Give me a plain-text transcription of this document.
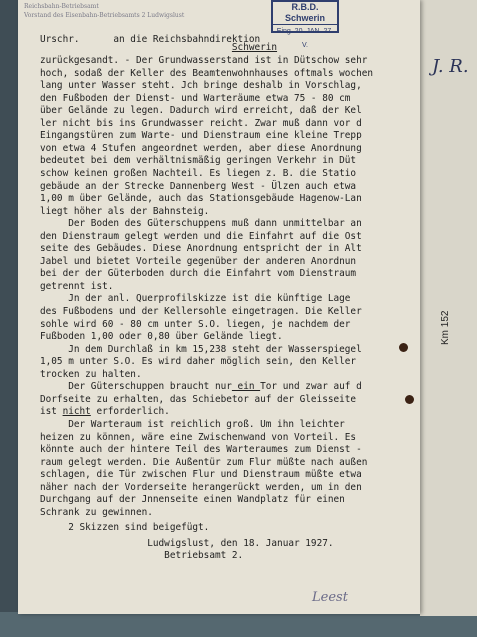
Reichsbahn-Betriebsamt
Vorstand des Eisenbahn-Betriebsamts 2 Ludwigslust
R.B.D. Schwerin
Eing. 20. JAN. 27. V.
Urschr.      an die Reichsbahndirektion
Schwerin
zurückgesandt. - Der Grundwasserstand ist in Dütschow sehr
hoch, sodaß der Keller des Beamtenwohnhauses oftmals wochen
lang unter Wasser steht. Jch bringe deshalb in Vorschlag,
den Fußboden der Dienst- und Warteräume etwa 75 - 80 cm
über Gelände zu legen. Dadurch wird erreicht, daß der Kel
ler nicht bis ins Grundwasser reicht. Zwar muß dann vor d
Eingangstüren zum Warte- und Dienstraum eine kleine Trepp
von etwa 4 Stufen angeordnet werden, aber diese Anordnung
bedeutet bei dem verhältnismäßig geringen Verkehr in Düt
schow keinen großen Nachteil. Es liegen z. B. die Statio
gebäude an der Strecke Dannenberg West - Ülzen auch etwa
1,00 m über Gelände, auch das Stationsgebäude Hagenow-Lan
liegt höher als der Bahnsteig.
Der Boden des Güterschuppens muß dann unmittelbar an
den Dienstraum gelegt werden und die Einfahrt auf die Ost
seite des Gebäudes. Diese Anordnung entspricht der in Alt
Jabel und bietet Vorteile gegenüber der anderen Anordnun
bei der der Güterboden durch die Einfahrt vom Dienstraum
getrennt ist.
Jn der anl. Querprofilskizze ist die künftige Lage
des Fußbodens und der Kellersohle eingetragen. Die Keller
sohle wird 60 - 80 cm unter S.O. liegen, je nachdem der
Fußboden 1,00 oder 0,80 über Gelände liegt.
Jn dem Durchlaß in km 15,238 steht der Wasserspiegel
1,05 m unter S.O. Es wird daher möglich sein, den Keller
trocken zu halten.
Der Güterschuppen braucht nur ein Tor und zwar auf d
Dorfseite zu erhalten, das Schiebetor auf der Gleisseite
ist nicht erforderlich.
Der Warteraum ist reichlich groß. Um ihn leichter
heizen zu können, wäre eine Zwischenwand von Vorteil. Es
könnte auch der hintere Teil des Warteraumes zum Dienst -
raum gelegt werden. Die Außentür zum Flur müßte nach außen
schlagen, die Tür zwischen Flur und Dienstraum müßte etwa
näher nach der Vorderseite herangerückt werden, um in den
Durchgang auf der Jnnenseite einen Wandplatz für einen
Schrank zu gewinnen.
2 Skizzen sind beigefügt.
Ludwigslust, den 18. Januar 1927.
Betriebsamt 2.
J. R.
Km 152
Leest
